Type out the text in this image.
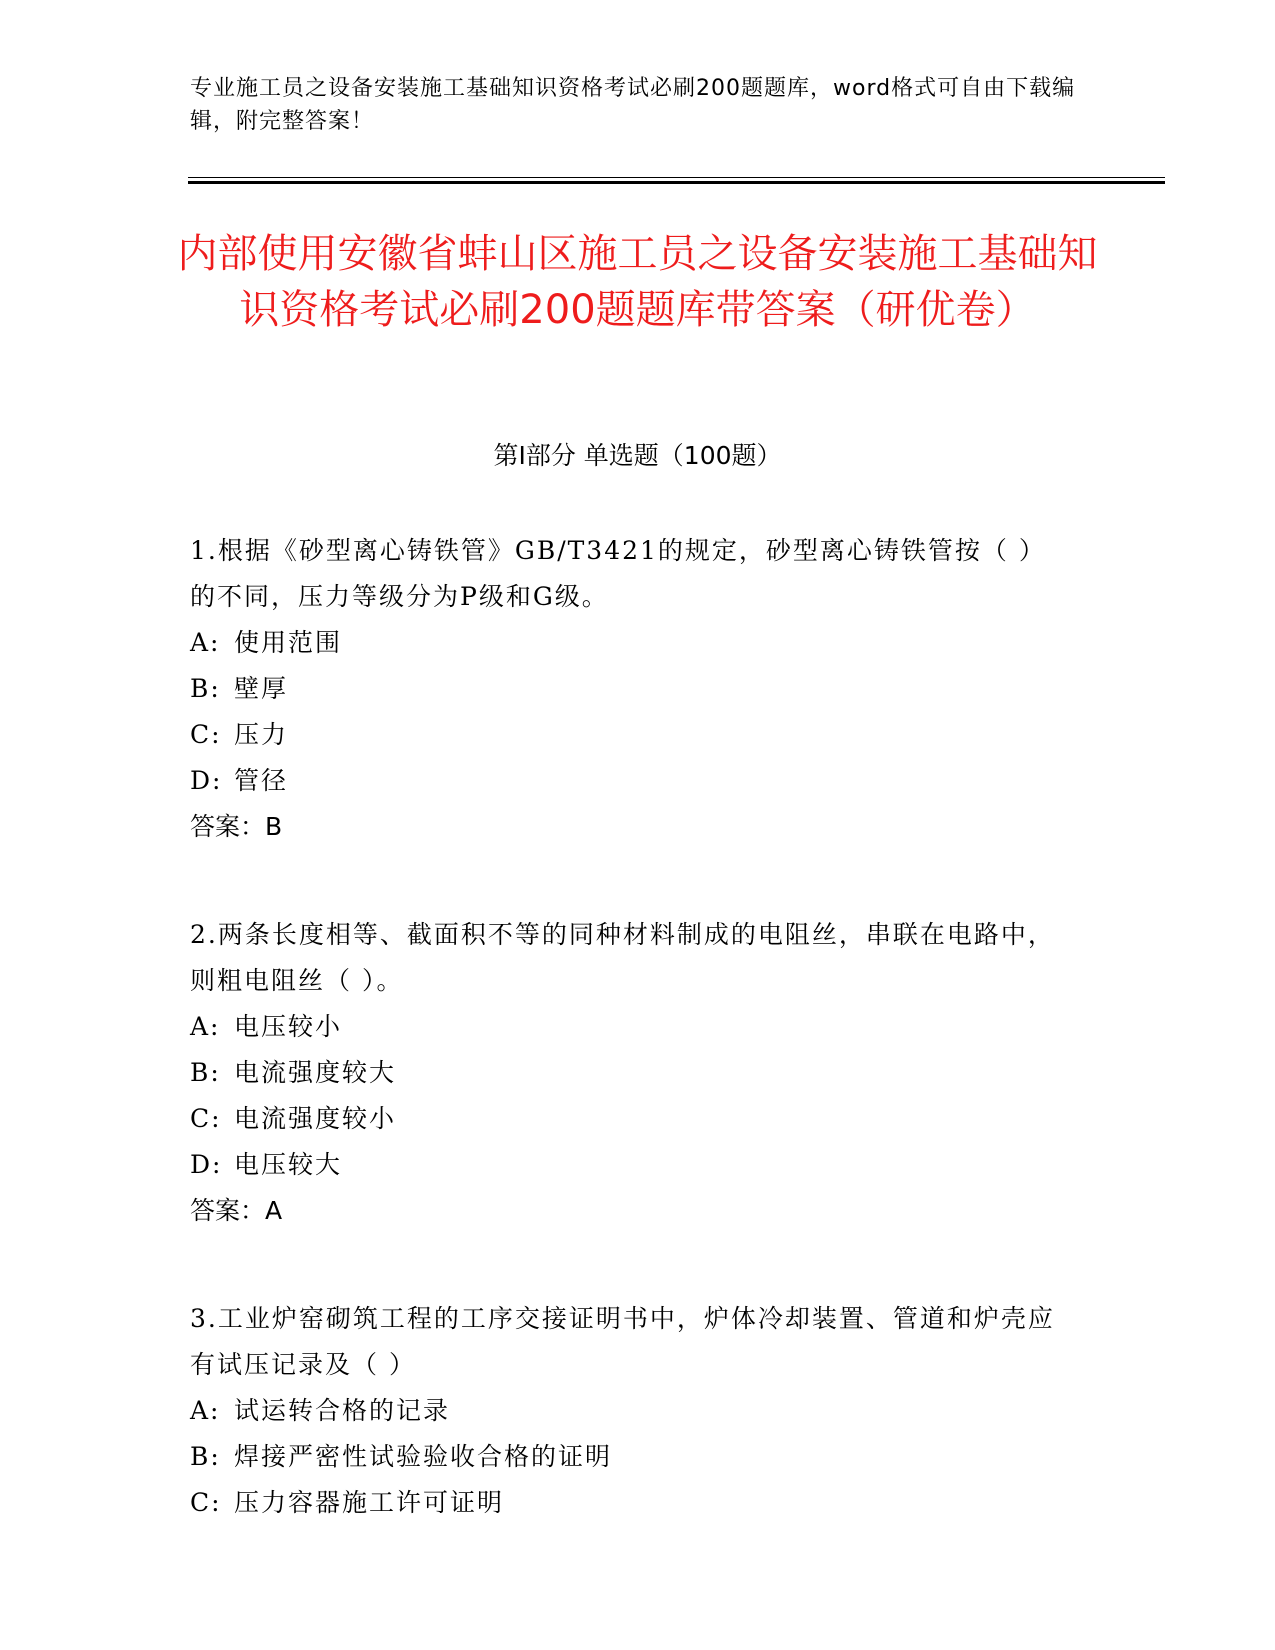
专业施工员之设备安装施工基础知识资格考试必刷200题题库，word格式可自由下载编辑，附完整答案！
内部使用安徽省蚌山区施工员之设备安装施工基础知识资格考试必刷200题题库带答案（研优卷）
第Ⅰ部分 单选题（100题）

1.根据《砂型离心铸铁管》GB/T3421的规定，砂型离心铸铁管按（ ）的不同，压力等级分为P级和G级。

A: 使用范围

B: 壁厚

C: 压力

D: 管径

答案：B

2.两条长度相等、截面积不等的同种材料制成的电阻丝，串联在电路中，则粗电阻丝（ ）。

A: 电压较小

B: 电流强度较大

C: 电流强度较小

D: 电压较大

答案：A

3.工业炉窑砌筑工程的工序交接证明书中，炉体冷却装置、管道和炉壳应有试压记录及（ ）

A: 试运转合格的记录

B: 焊接严密性试验验收合格的证明

C: 压力容器施工许可证明
